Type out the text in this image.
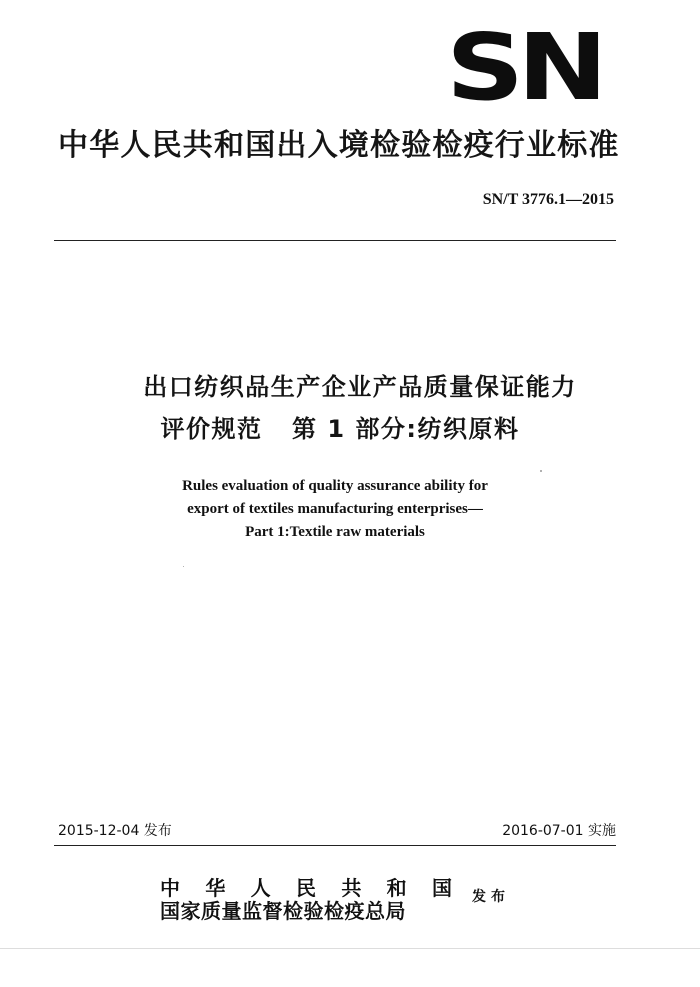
SN
中华人民共和国出入境检验检疫行业标准
SN/T 3776.1—2015
出口纺织品生产企业产品质量保证能力
评价规范   第 1 部分:纺织原料
Rules evaluation of quality assurance ability for
export of textiles manufacturing enterprises—
Part 1:Textile raw materials
2015-12-04 发布	2016-07-01 实施
中 华 人 民 共 和 国
国家质量监督检验检疫总局
发布
